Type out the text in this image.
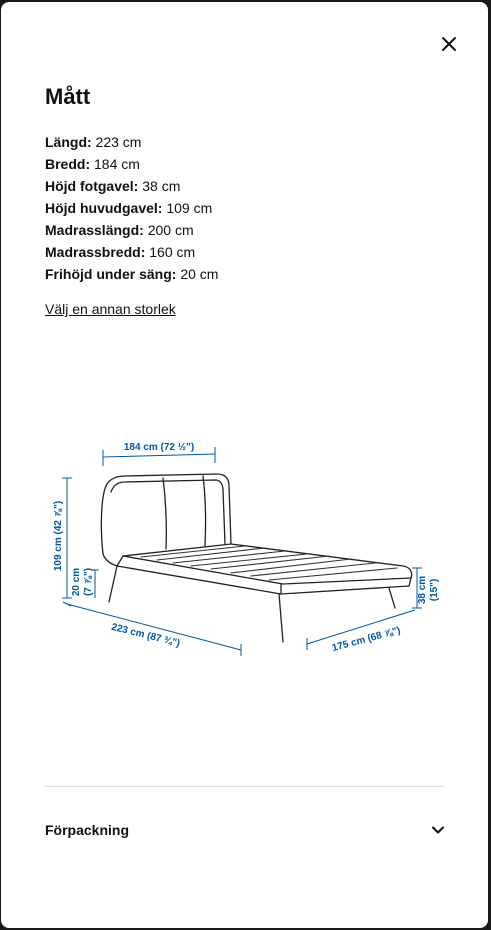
Mått
Längd: 223 cm
Bredd: 184 cm
Höjd fotgavel: 38 cm
Höjd huvudgavel: 109 cm
Madrasslängd: 200 cm
Madrassbredd: 160 cm
Frihöjd under säng: 20 cm
Välj en annan storlek
184 cm (72 ½")
109 cm (42 ⅞")
20 cm (7 ⅞")
223 cm (87 ¾")	175 cm (68 ⅞")
38 cm (15")
Förpackning
